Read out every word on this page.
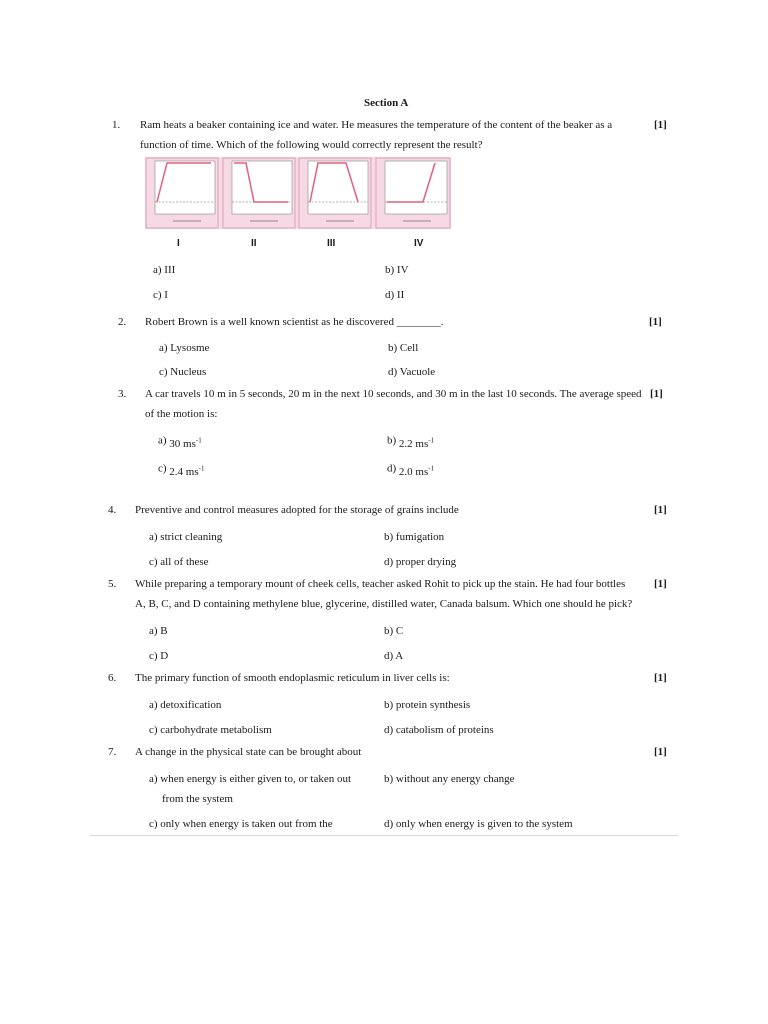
Section A
1. Ram heats a beaker containing ice and water. He measures the temperature of the content of the beaker as a	[1]
function of time. Which of the following would correctly represent the result?
I	II	III	IV
a) III	b) IV
c) I	d) II
2. Robert Brown is a well known scientist as he discovered ________.	[1]
a) Lysosme	b) Cell
c) Nucleus	d) Vacuole
3. A car travels 10 m in 5 seconds, 20 m in the next 10 seconds, and 30 m in the last 10 seconds. The average speed [1]
of the motion is:
a) 30 $ms^{-1}$	b) 2.2 $ms^{-1}$
c) 2.4 $ms^{-1}$	d) 2.0 $ms^{-1}$
4. Preventive and control measures adopted for the storage of grains include	[1]
a) strict cleaning	b) fumigation
c) all of these	d) proper drying
5. While preparing a temporary mount of cheek cells, teacher asked Rohit to pick up the stain. He had four bottles	[1]
A, B, C, and D containing methylene blue, glycerine, distilled water, Canada balsum. Which one should he pick?
a) B	b) C
c) D	d) A
6. The primary function of smooth endoplasmic reticulum in liver cells is:	[1]
a) detoxification	b) protein synthesis
c) carbohydrate metabolism	d) catabolism of proteins
7. A change in the physical state can be brought about	[1]
a) when energy is either given to, or taken out
from the system
b) without any energy change
c) only when energy is taken out from the	d) only when energy is given to the system
